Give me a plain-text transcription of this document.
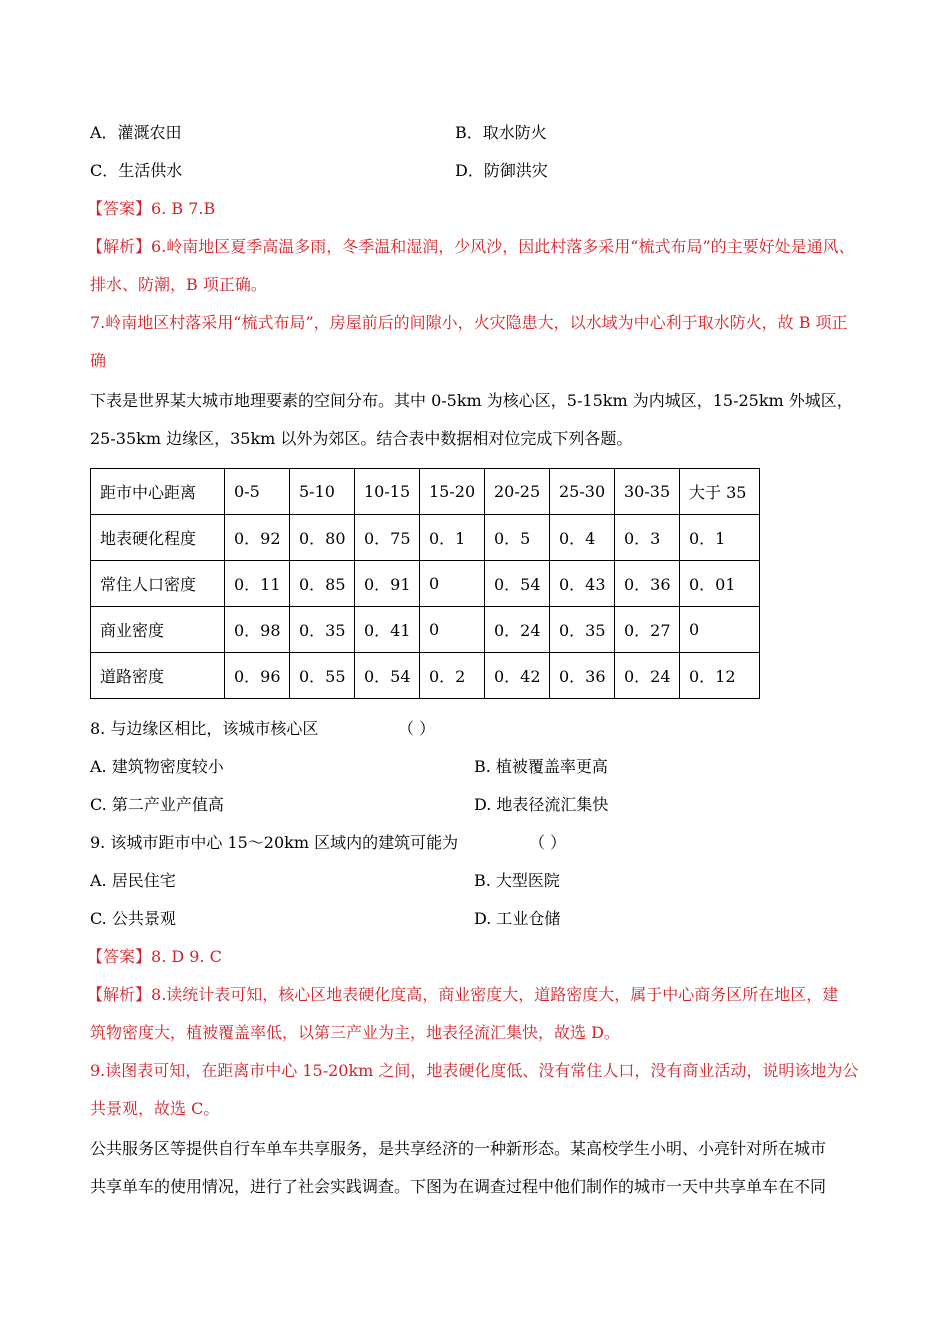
A．灌溉农田	B．取水防火
C．生活供水	D．防御洪灾
【答案】6. B 7.B
【解析】6.岭南地区夏季高温多雨，冬季温和湿润，少风沙，因此村落多采用“梳式布局”的主要好处是通风、
排水、防潮，B 项正确。
7.岭南地区村落采用“梳式布局”，房屋前后的间隙小，火灾隐患大，以水域为中心利于取水防火，故 B 项正
确
下表是世界某大城市地理要素的空间分布。其中 0-5km 为核心区，5-15km 为内城区，15-25km 外城区，
25-35km 边缘区，35km 以外为郊区。结合表中数据相对位完成下列各题。
距市中心距离	0-5	5-10	10-15	15-20	20-25	25-30	30-35	大于 35
地表硬化程度	0．92	0．80	0．75	0．1	0．5	0．4	0．3	0．1
常住人口密度	0．11	0．85	0．91	0	0．54	0．43	0．36	0．01
商业密度	0．98	0．35	0．41	0	0．24	0．35	0．27	0
道路密度	0．96	0．55	0．54	0．2	0．42	0．36	0．24	0．12
8. 与边缘区相比，该城市核心区	（ ）
A. 建筑物密度较小	B. 植被覆盖率更高
C. 第二产业产值高	D. 地表径流汇集快
9. 该城市距市中心 15～20km 区域内的建筑可能为	（ ）
A. 居民住宅	B. 大型医院
C. 公共景观	D. 工业仓储
【答案】8. D 9. C
【解析】8.读统计表可知，核心区地表硬化度高，商业密度大，道路密度大，属于中心商务区所在地区，建
筑物密度大，植被覆盖率低，以第三产业为主，地表径流汇集快，故选 D。
9.读图表可知，在距离市中心 15-20km 之间，地表硬化度低、没有常住人口，没有商业活动，说明该地为公
共景观，故选 C。
公共服务区等提供自行车单车共享服务，是共享经济的一种新形态。某高校学生小明、小亮针对所在城市
共享单车的使用情况，进行了社会实践调查。下图为在调查过程中他们制作的城市一天中共享单车在不同
